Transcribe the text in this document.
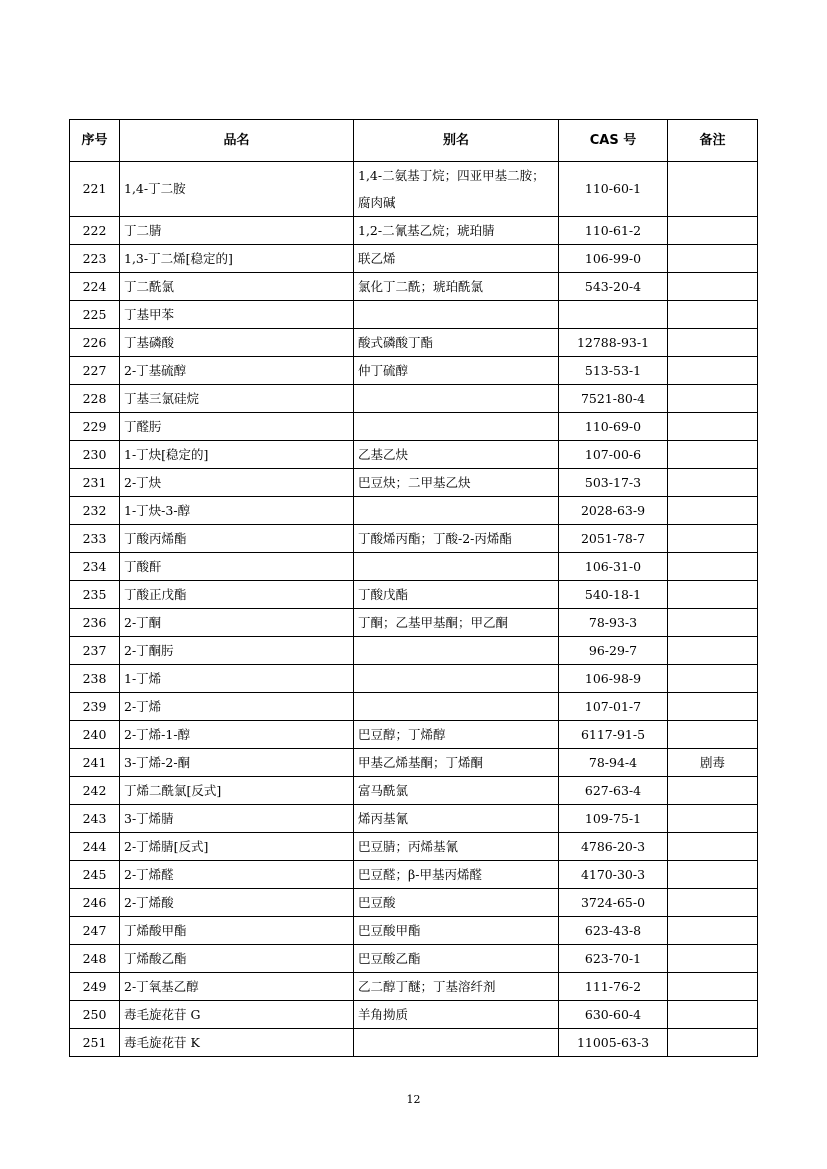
序号	品名	别名	CAS 号	备注
221	1,4-丁二胺	1,4-二氨基丁烷；四亚甲基二胺；腐肉碱	110-60-1	
222	丁二腈	1,2-二氰基乙烷；琥珀腈	110-61-2	
223	1,3-丁二烯[稳定的]	联乙烯	106-99-0	
224	丁二酰氯	氯化丁二酰；琥珀酰氯	543-20-4	
225	丁基甲苯			
226	丁基磷酸	酸式磷酸丁酯	12788-93-1	
227	2-丁基硫醇	仲丁硫醇	513-53-1	
228	丁基三氯硅烷		7521-80-4	
229	丁醛肟		110-69-0	
230	1-丁炔[稳定的]	乙基乙炔	107-00-6	
231	2-丁炔	巴豆炔；二甲基乙炔	503-17-3	
232	1-丁炔-3-醇		2028-63-9	
233	丁酸丙烯酯	丁酸烯丙酯；丁酸-2-丙烯酯	2051-78-7	
234	丁酸酐		106-31-0	
235	丁酸正戊酯	丁酸戊酯	540-18-1	
236	2-丁酮	丁酮；乙基甲基酮；甲乙酮	78-93-3	
237	2-丁酮肟		96-29-7	
238	1-丁烯		106-98-9	
239	2-丁烯		107-01-7	
240	2-丁烯-1-醇	巴豆醇；丁烯醇	6117-91-5	
241	3-丁烯-2-酮	甲基乙烯基酮；丁烯酮	78-94-4	剧毒
242	丁烯二酰氯[反式]	富马酰氯	627-63-4	
243	3-丁烯腈	烯丙基氰	109-75-1	
244	2-丁烯腈[反式]	巴豆腈；丙烯基氰	4786-20-3	
245	2-丁烯醛	巴豆醛；β-甲基丙烯醛	4170-30-3	
246	2-丁烯酸	巴豆酸	3724-65-0	
247	丁烯酸甲酯	巴豆酸甲酯	623-43-8	
248	丁烯酸乙酯	巴豆酸乙酯	623-70-1	
249	2-丁氧基乙醇	乙二醇丁醚；丁基溶纤剂	111-76-2	
250	毒毛旋花苷 G	羊角拗质	630-60-4	
251	毒毛旋花苷 K		11005-63-3	
12
